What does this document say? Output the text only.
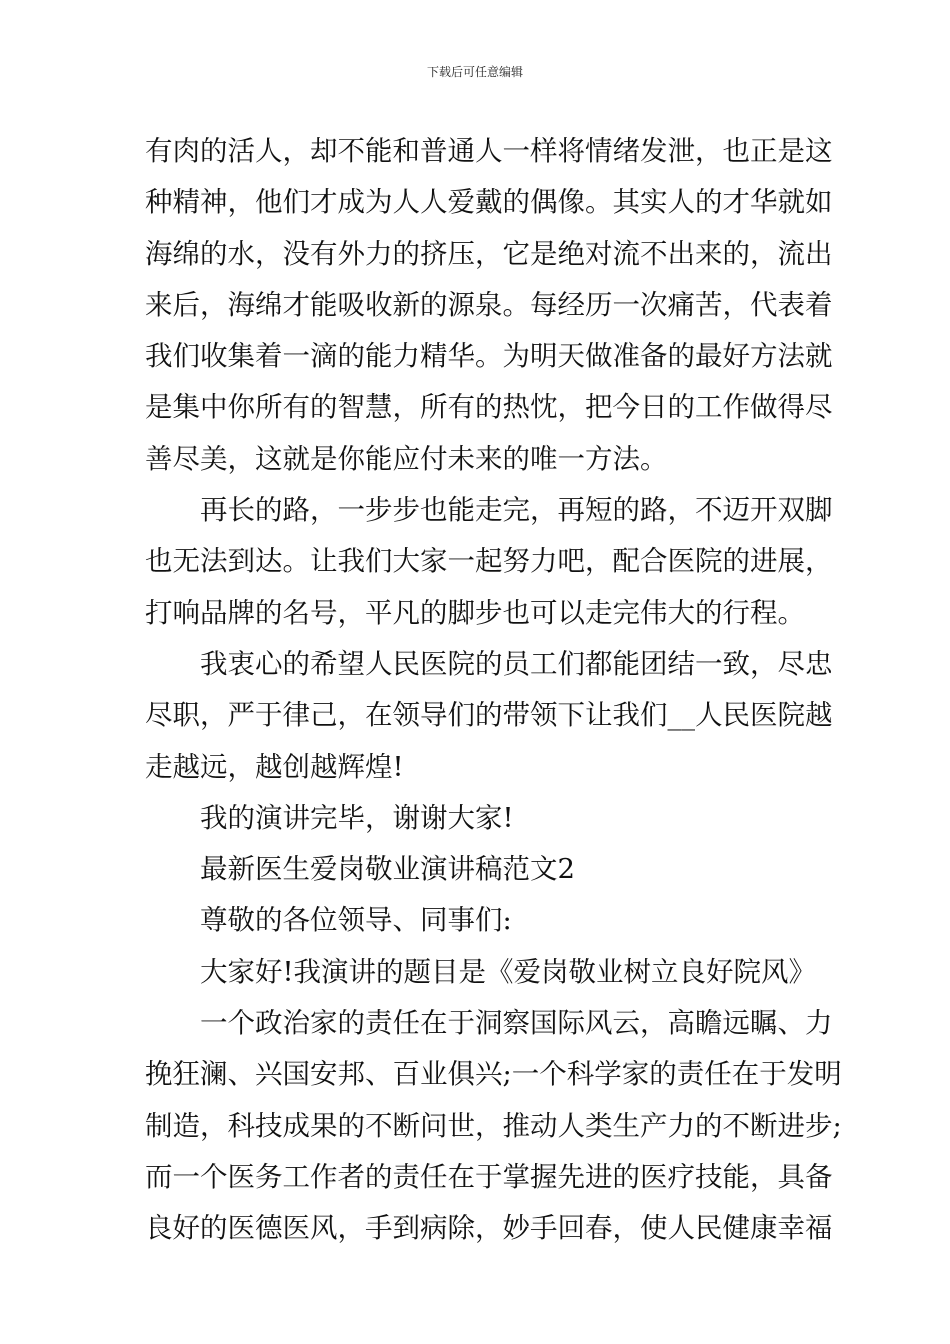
下载后可任意编辑
有肉的活人，却不能和普通人一样将情绪发泄，也正是这
种精神，他们才成为人人爱戴的偶像。其实人的才华就如
海绵的水，没有外力的挤压，它是绝对流不出来的，流出
来后，海绵才能吸收新的源泉。每经历一次痛苦，代表着
我们收集着一滴的能力精华。为明天做准备的最好方法就
是集中你所有的智慧，所有的热忱，把今日的工作做得尽
善尽美，这就是你能应付未来的唯一方法。
再长的路，一步步也能走完，再短的路，不迈开双脚
也无法到达。让我们大家一起努力吧，配合医院的进展，
打响品牌的名号，平凡的脚步也可以走完伟大的行程。
我衷心的希望人民医院的员工们都能团结一致，尽忠
尽职，严于律己，在领导们的带领下让我们__人民医院越
走越远，越创越辉煌!
我的演讲完毕，谢谢大家!
最新医生爱岗敬业演讲稿范文2
尊敬的各位领导、同事们:
大家好!我演讲的题目是《爱岗敬业树立良好院风》
一个政治家的责任在于洞察国际风云，高瞻远瞩、力
挽狂澜、兴国安邦、百业俱兴;一个科学家的责任在于发明
制造，科技成果的不断问世，推动人类生产力的不断进步;
而一个医务工作者的责任在于掌握先进的医疗技能，具备
良好的医德医风，手到病除，妙手回春，使人民健康幸福
